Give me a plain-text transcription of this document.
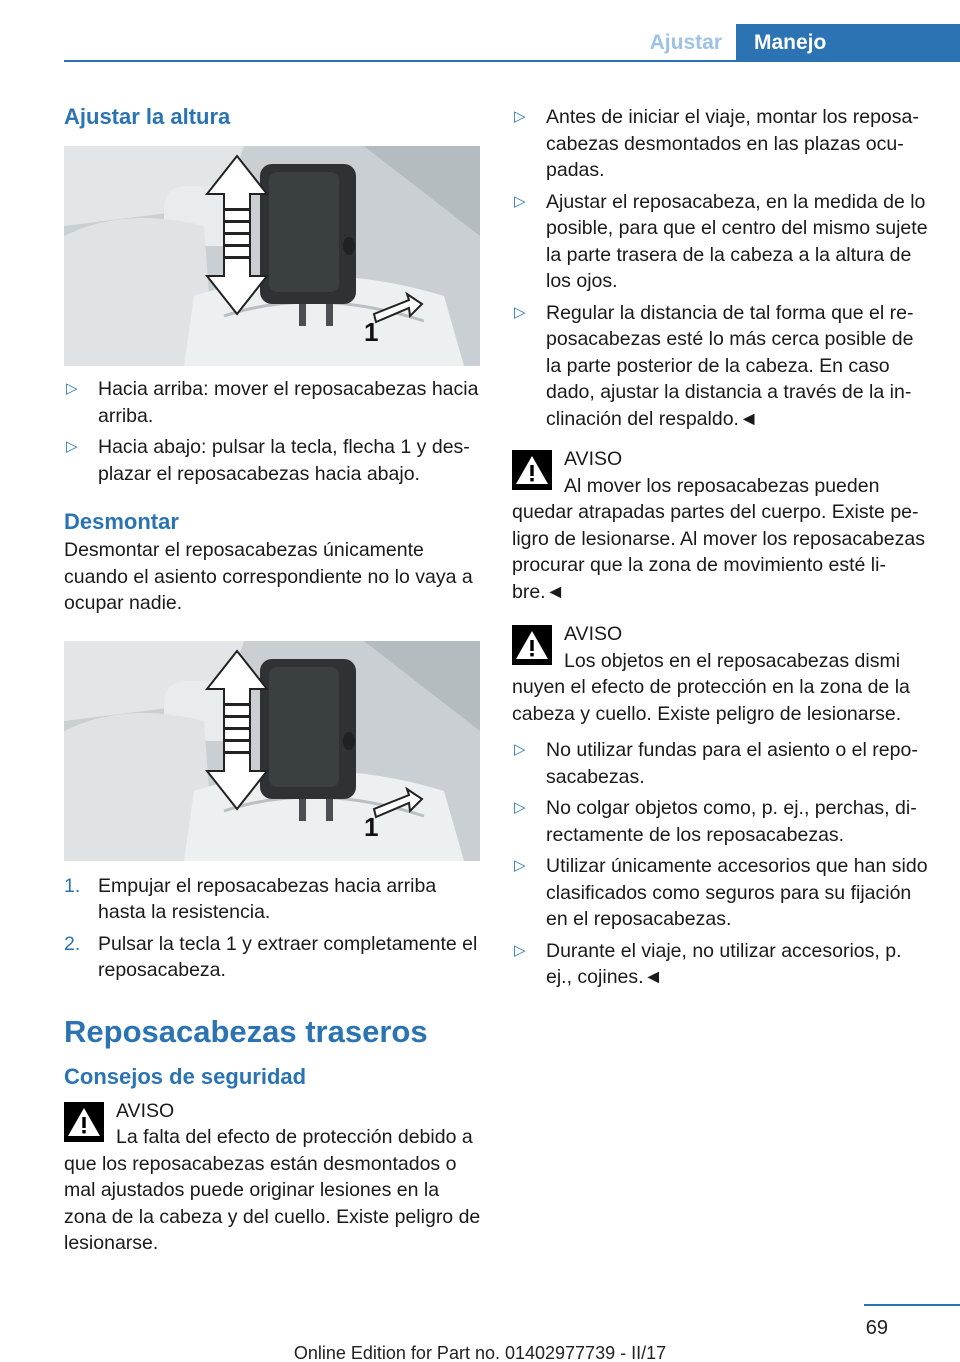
Ajustar	Manejo
Ajustar la altura
1
▷ Hacia arriba: mover el reposacabezas hacia arriba.
▷ Hacia abajo: pulsar la tecla, flecha 1 y desplazar el reposacabezas hacia abajo.
Desmontar

Desmontar el reposacabezas únicamente cuando el asiento correspondiente no lo vaya a ocupar nadie.

1
1. Empujar el reposacabezas hacia arriba hasta la resistencia.
2. Pulsar la tecla 1 y extraer completamente el reposacabeza.
Reposacabezas traseros
Consejos de seguridad
AVISO
La falta del efecto de protección debido a
que los reposacabezas están desmontados o mal ajustados puede originar lesiones en la zona de la cabeza y del cuello. Existe peligro de lesionarse.
▷ Antes de iniciar el viaje, montar los reposacabezas desmontados en las plazas ocupadas.
▷ Ajustar el reposacabeza, en la medida de lo posible, para que el centro del mismo sujete la parte trasera de la cabeza a la altura de los ojos.
▷ Regular la distancia de tal forma que el reposacabezas esté lo más cerca posible de la parte posterior de la cabeza. En caso dado, ajustar la distancia a través de la inclinación del respaldo.◄
AVISO
Al mover los reposacabezas pueden
quedar atrapadas partes del cuerpo. Existe peligro de lesionarse. Al mover los reposacabezas procurar que la zona de movimiento esté libre.◄
AVISO
Los objetos en el reposacabezas dismi
nuyen el efecto de protección en la zona de la cabeza y cuello. Existe peligro de lesionarse.
▷ No utilizar fundas para el asiento o el reposacabezas.
▷ No colgar objetos como, p. ej., perchas, directamente de los reposacabezas.
▷ Utilizar únicamente accesorios que han sido clasificados como seguros para su fijación en el reposacabezas.
▷ Durante el viaje, no utilizar accesorios, p. ej., cojines.◄
69
Online Edition for Part no. 01402977739 - II/17
